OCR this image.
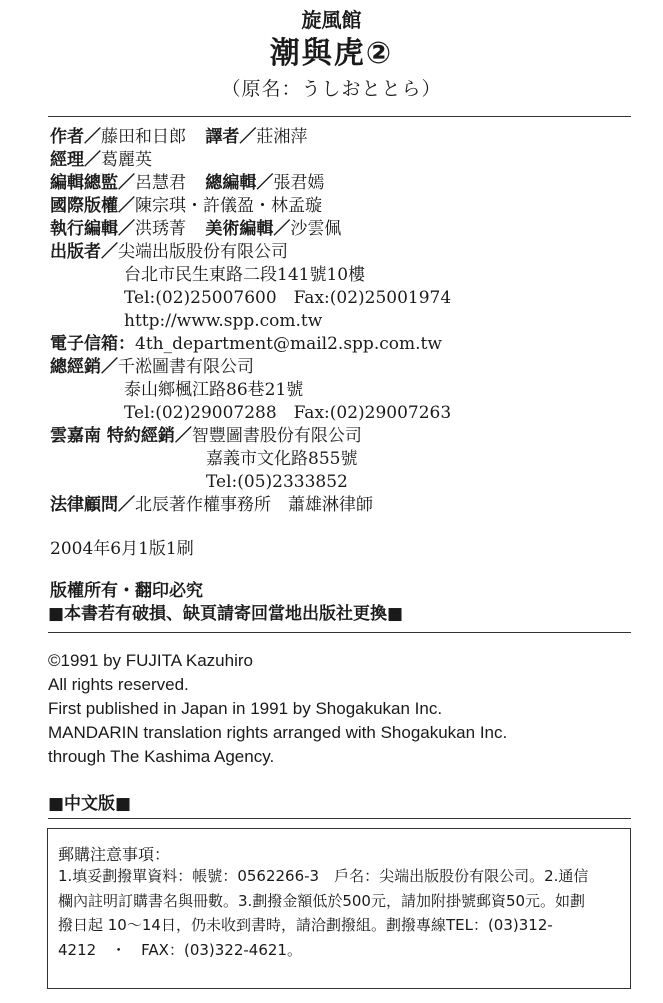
旋風館
潮與虎②
（原名：うしおととら）
作者／藤田和日郎 譯者／莊湘萍
經理／葛麗英
編輯總監／呂慧君 總編輯／張君嫣
國際版權／陳宗琪・許儀盈・林孟璇
執行編輯／洪琇菁 美術編輯／沙雲佩
出版者／尖端出版股份有限公司
台北市民生東路二段141號10樓
Tel:(02)25007600　Fax:(02)25001974
http://www.spp.com.tw
電子信箱：4th_department@mail2.spp.com.tw
總經銷／千淞圖書有限公司
泰山鄉楓江路86巷21號
Tel:(02)29007288　Fax:(02)29007263
雲嘉南 特約經銷／智豐圖書股份有限公司
嘉義市文化路855號
Tel:(05)2333852
法律顧問／北辰著作權事務所　蕭雄淋律師
2004年6月1版1刷
版權所有・翻印必究
■本書若有破損、缺頁請寄回當地出版社更換■
©1991 by FUJITA Kazuhiro
All rights reserved.
First published in Japan in 1991 by Shogakukan Inc.
MANDARIN translation rights arranged with Shogakukan Inc.
through The Kashima Agency.
■中文版■
郵購注意事項：
1.填妥劃撥單資料：帳號：0562266-3　戶名：尖端出版股份有限公司。2.通信欄內註明訂購書名與冊數。3.劃撥金額低於500元，請加附掛號郵資50元。如劃撥日起 10～14日，仍未收到書時，請洽劃撥組。劃撥專線TEL：(03)312-4212　・　FAX：(03)322-4621。
